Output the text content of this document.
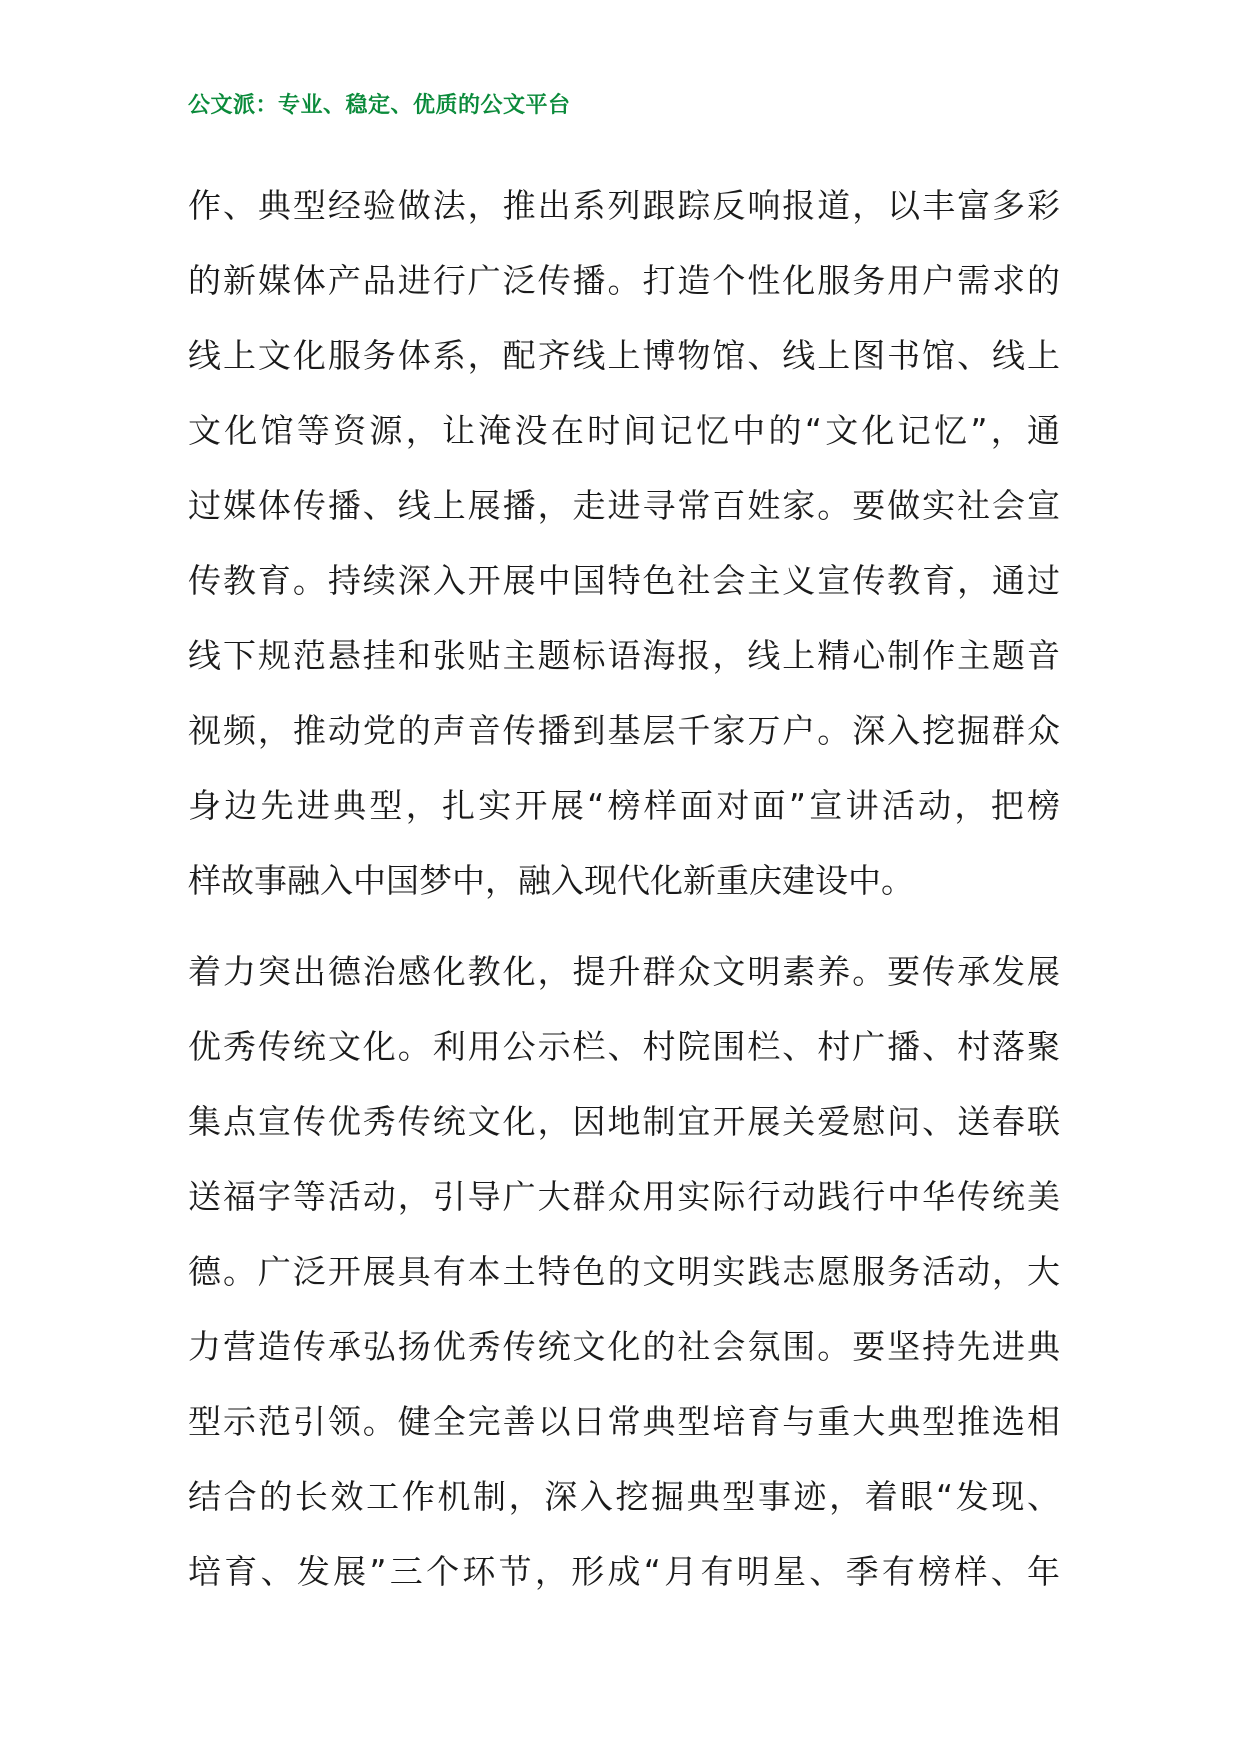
公文派：专业、稳定、优质的公文平台

作、典型经验做法，推出系列跟踪反响报道，以丰富多彩
的新媒体产品进行广泛传播。打造个性化服务用户需求的
线上文化服务体系，配齐线上博物馆、线上图书馆、线上
文化馆等资源，让淹没在时间记忆中的“文化记忆”，通
过媒体传播、线上展播，走进寻常百姓家。要做实社会宣
传教育。持续深入开展中国特色社会主义宣传教育，通过
线下规范悬挂和张贴主题标语海报，线上精心制作主题音
视频，推动党的声音传播到基层千家万户。深入挖掘群众
身边先进典型，扎实开展“榜样面对面”宣讲活动，把榜
样故事融入中国梦中，融入现代化新重庆建设中。

着力突出德治感化教化，提升群众文明素养。要传承发展
优秀传统文化。利用公示栏、村院围栏、村广播、村落聚
集点宣传优秀传统文化，因地制宜开展关爱慰问、送春联
送福字等活动，引导广大群众用实际行动践行中华传统美
德。广泛开展具有本土特色的文明实践志愿服务活动，大
力营造传承弘扬优秀传统文化的社会氛围。要坚持先进典
型示范引领。健全完善以日常典型培育与重大典型推选相
结合的长效工作机制，深入挖掘典型事迹，着眼“发现、
培育、发展”三个环节，形成“月有明星、季有榜样、年
